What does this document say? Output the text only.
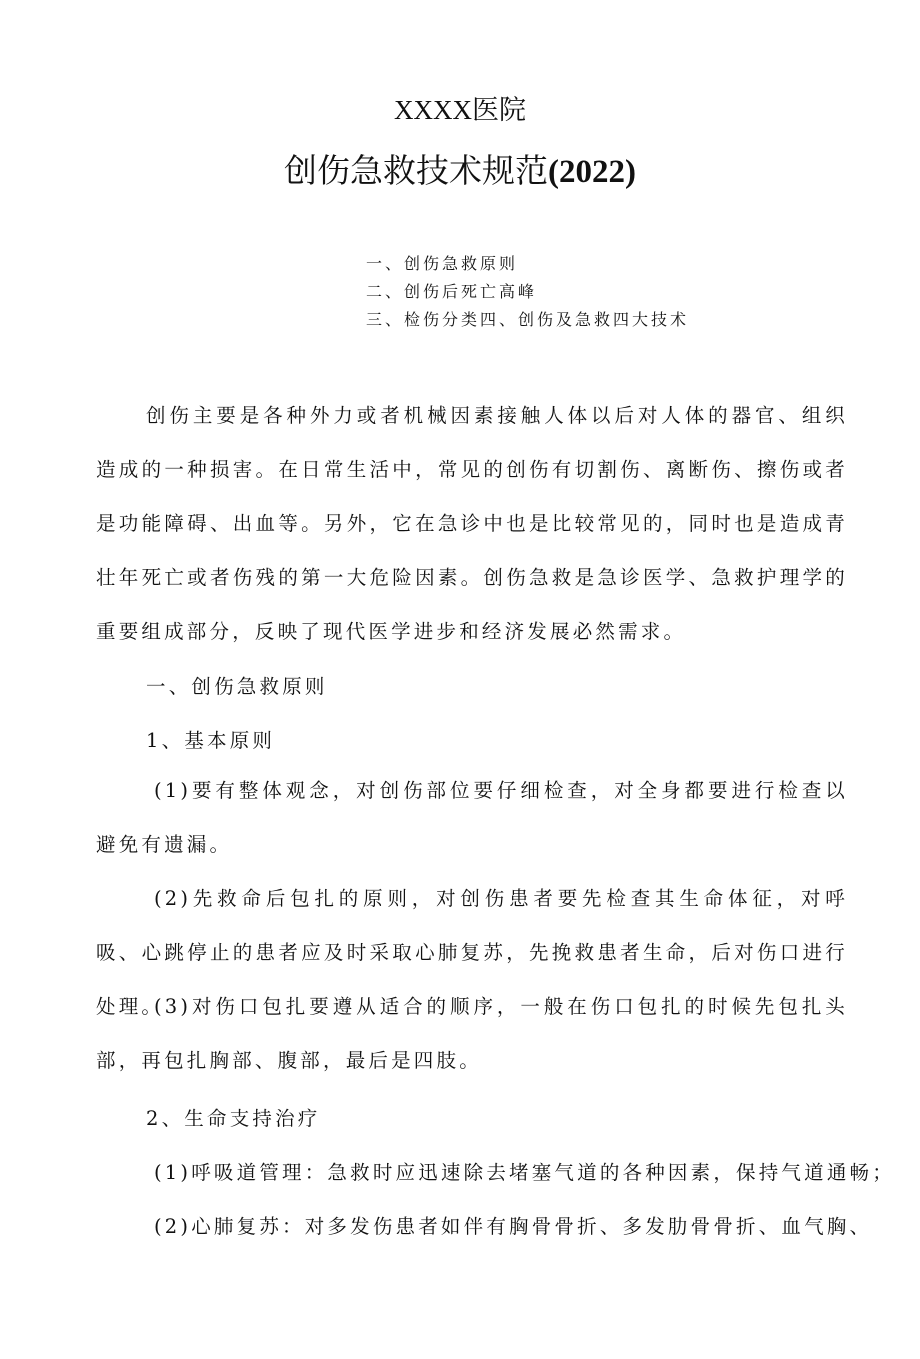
XXXX医院
创伤急救技术规范(2022)
一、创伤急救原则
二、创伤后死亡高峰
三、检伤分类四、创伤及急救四大技术
创伤主要是各种外力或者机械因素接触人体以后对人体的器官、组织造成的一种损害。在日常生活中，常见的创伤有切割伤、离断伤、擦伤或者是功能障碍、出血等。另外，它在急诊中也是比较常见的，同时也是造成青壮年死亡或者伤残的第一大危险因素。创伤急救是急诊医学、急救护理学的重要组成部分，反映了现代医学进步和经济发展必然需求。
一、创伤急救原则
1、基本原则
(1)要有整体观念，对创伤部位要仔细检查，对全身都要进行检查以避免有遗漏。
(2)先救命后包扎的原则，对创伤患者要先检查其生命体征，对呼吸、心跳停止的患者应及时采取心肺复苏，先挽救患者生命，后对伤口进行处理。
(3)对伤口包扎要遵从适合的顺序，一般在伤口包扎的时候先包扎头部，再包扎胸部、腹部，最后是四肢。
2、生命支持治疗
(1)呼吸道管理：急救时应迅速除去堵塞气道的各种因素，保持气道通畅；
(2)心肺复苏：对多发伤患者如伴有胸骨骨折、多发肋骨骨折、血气胸、
